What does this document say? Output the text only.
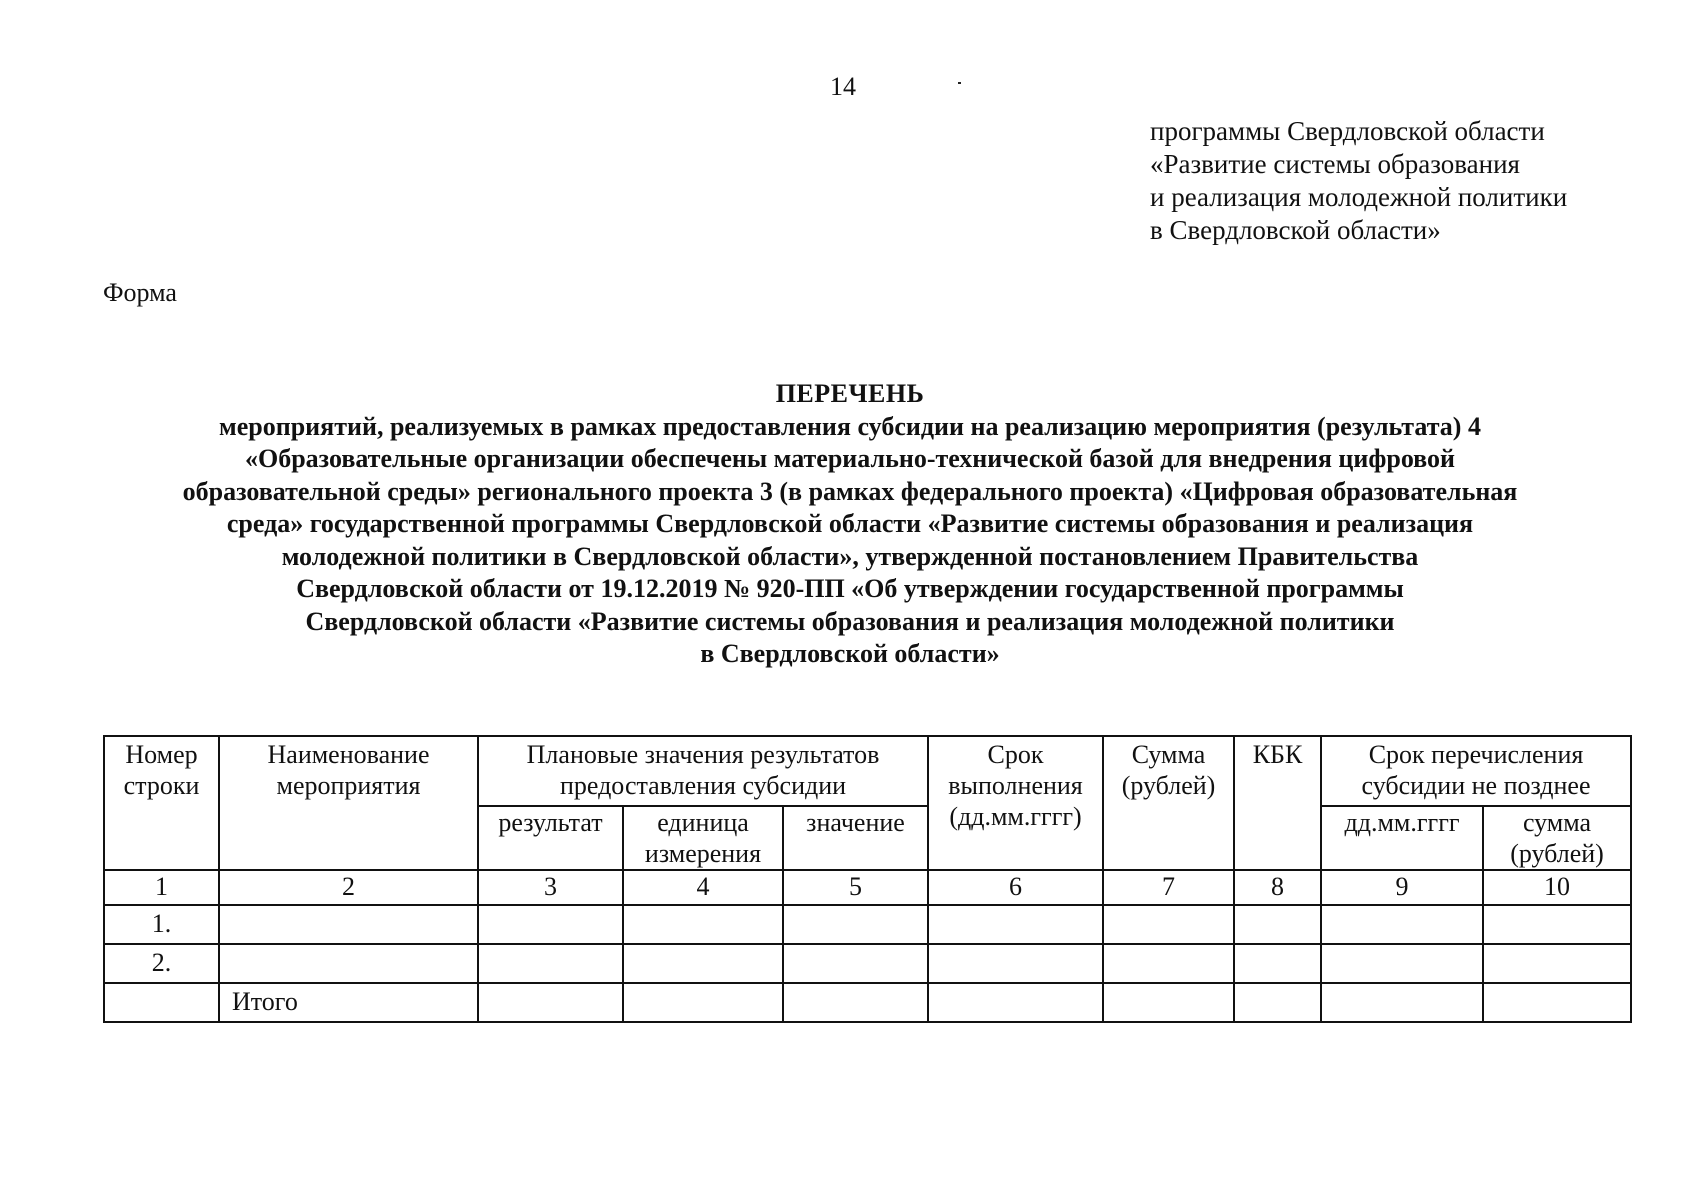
14
программы Свердловской области
«Развитие системы образования
и реализация молодежной политики
в Свердловской области»
Форма
ПЕРЕЧЕНЬ
мероприятий, реализуемых в рамках предоставления субсидии на реализацию мероприятия (результата) 4
«Образовательные организации обеспечены материально-технической базой для внедрения цифровой
образовательной среды» регионального проекта 3 (в рамках федерального проекта) «Цифровая образовательная
среда» государственной программы Свердловской области «Развитие системы образования и реализация
молодежной политики в Свердловской области», утвержденной постановлением Правительства
Свердловской области от 19.12.2019 № 920-ПП «Об утверждении государственной программы
Свердловской области «Развитие системы образования и реализация молодежной политики
в Свердловской области»
Номер строки	Наименование мероприятия	Плановые значения результатов предоставления субсидии			Срок выполнения (дд.мм.гггг)	Сумма (рублей)	КБК	Срок перечисления субсидии не позднее	
		результат	единица измерения	значение				дд.мм.гггг	сумма (рублей)
1	2	3	4	5	6	7	8	9	10
1.									
2.									
	Итого								
